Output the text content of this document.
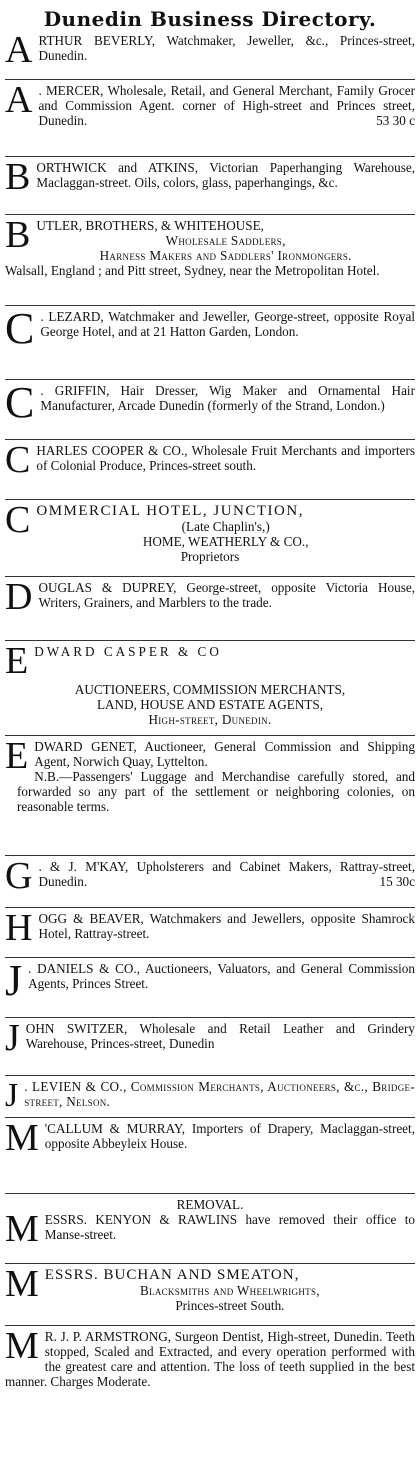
Dunedin Business Directory.
A RTHUR BEVERLY, Watchmaker, Jeweller, &c., Princes-street, Dunedin.
A . MERCER, Wholesale, Retail, and General Merchant, Family Grocer and Commission Agent. corner of High-street and Princes street, Dunedin.	53 30 c
B ORTHWICK and ATKINS, Victorian Paperhanging Warehouse, Maclaggan-street. Oils, colors, glass, paperhangings, &c.
B UTLER, BROTHERS, & WHITEHOUSE,
Wholesale Saddlers,
Harness Makers and Saddlers' Ironmongers.
Walsall, England ; and Pitt street, Sydney, near the Metropolitan Hotel.
C . LEZARD, Watchmaker and Jeweller, George-street, opposite Royal George Hotel, and at 21 Hatton Garden, London.
C . GRIFFIN, Hair Dresser, Wig Maker and Ornamental Hair Manufacturer, Arcade Dunedin (formerly of the Strand, London.)
C HARLES COOPER & CO., Wholesale Fruit Merchants and importers of Colonial Produce, Princes-street south.
C OMMERCIAL HOTEL, JUNCTION,
(Late Chaplin's,)
HOME, WEATHERLY & CO.,
Proprietors
D OUGLAS & DUPREY, George-street, opposite Victoria House, Writers, Grainers, and Marblers to the trade.
E DWARD CASPER & CO
AUCTIONEERS, COMMISSION MERCHANTS,
LAND, HOUSE AND ESTATE AGENTS,
High-street, Dunedin.
E DWARD GENET, Auctioneer, General Commission and Shipping Agent, Norwich Quay, Lyttelton.
N.B.—Passengers' Luggage and Merchandise carefully stored, and forwarded so any part of the settlement or neighboring colonies, on reasonable terms.
G . & J. M'KAY, Upholsterers and Cabinet Makers, Rattray-street, Dunedin.	15 30c
H OGG & BEAVER, Watchmakers and Jewellers, opposite Shamrock Hotel, Rattray-street.
J . DANIELS & CO., Auctioneers, Valuators, and General Commission Agents, Princes Street.
J OHN SWITZER, Wholesale and Retail Leather and Grindery Warehouse, Princes-street, Dunedin
J . LEVIEN & CO., Commission Merchants, Auctioneers, &c., Bridge-street, Nelson.
M 'CALLUM & MURRAY, Importers of Drapery, Maclaggan-street, opposite Abbeyleix House.
REMOVAL.
M ESSRS. KENYON & RAWLINS have removed their office to Manse-street.
M ESSRS. BUCHAN AND SMEATON,
Blacksmiths and Wheelwrights,
Princes-street South.
M R. J. P. ARMSTRONG, Surgeon Dentist, High-street, Dunedin. Teeth stopped, Scaled and Extracted, and every operation performed with the greatest care and attention. The loss of teeth supplied in the best manner. Charges Moderate.
